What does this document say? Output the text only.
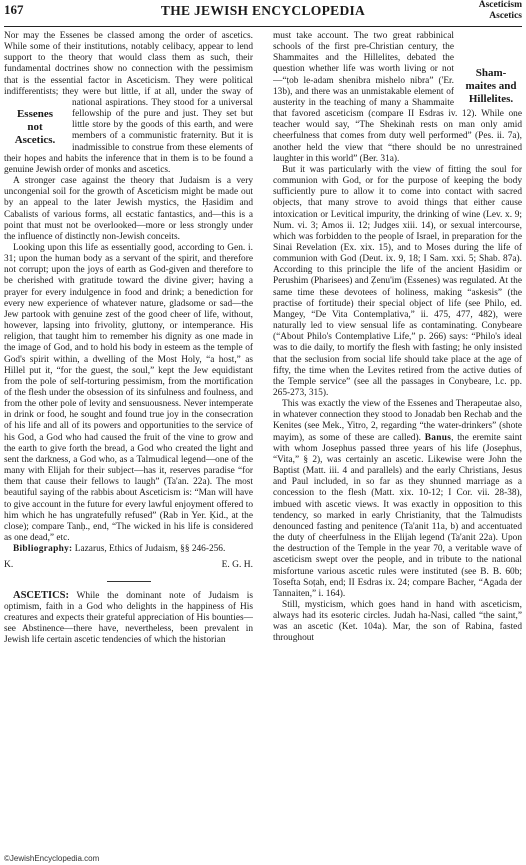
167	THE JEWISH ENCYCLOPEDIA	Asceticism
Ascetics

Nor may the Essenes be classed among the order of ascetics. While some of their institutions, notably celibacy, appear to lend support to the theory that would class them as such, their fundamental doctrines show no connection with the pessimism that is the essential factor in Asceticism. They were political indifferentists; they were but little, if at all, under the sway of national aspirations.
Essenes
not
Ascetics.
They stood for a universal fellowship of the pure and just. They set but little store by the goods of this earth, and were members of a communistic fraternity. But it is inadmissible to construe from these elements of their hopes and habits the inference that in them is to be found a genuine Jewish order of monks and ascetics.

A stronger case against the theory that Judaism is a very uncongenial soil for the growth of Asceticism might be made out by an appeal to the later Jewish mystics, the Ḥasidim and Cabalists of various forms, all ecstatic fantastics, and—this is a point that must not be overlooked—more or less strongly under the influence of distinctly non-Jewish conceits.

Looking upon this life as essentially good, according to Gen. i. 31; upon the human body as a servant of the spirit, and therefore not corrupt; upon the joys of earth as God-given and therefore to be cherished with gratitude toward the divine giver; having a prayer for every indulgence in food and drink; a benediction for every new experience of whatever nature, gladsome or sad—the Jew partook with genuine zest of the good cheer of life, without, however, lapsing into frivolity, gluttony, or intemperance. His religion, that taught him to remember his dignity as one made in the image of God, and to hold his body in esteem as the temple of God's spirit within, a dwelling of the Most Holy, “a host,” as Hillel put it, “for the guest, the soul,” kept the Jew equidistant from the pole of self-torturing pessimism, from the mortification of the flesh under the obsession of its sinfulness and foulness, and from the other pole of levity and sensuousness. Never intemperate in drink or food, he sought and found true joy in the consecration of his life and all of its powers and opportunities to the service of his God, a God who had caused the fruit of the vine to grow and the earth to give forth the bread, a God who created the light and sent the darkness, a God who, as a Talmudical legend—one of the many with Elijah for their subject—has it, reserves paradise “for them that cause their fellows to laugh” (Ta'an. 22a). The most beautiful saying of the rabbis about Asceticism is: “Man will have to give account in the future for every lawful enjoyment offered to him which he has ungratefully refused” (Rab in Yer. Ḳid., at the close); compare Tanḥ., end, “The wicked in his life is considered as one dead,” etc.

Bibliography: Lazarus, Ethics of Judaism, §§ 246-256.

K.	E. G. H.

ASCETICS: While the dominant note of Judaism is optimism, faith in a God who delights in the happiness of His creatures and expects their grateful appreciation of His bounties—see Abstinence—there have, nevertheless, been prevalent in Jewish life certain ascetic tendencies of which the historian

Sham-
maites and
Hillelites.
must take account. The two great rabbinical schools of the first pre-Christian century, the Shammaites and the Hillelites, debated the question whether life was worth living or not—“ṭob le-adam shenibra mishelo nibra” ('Er. 13b), and there was an unmistakable element of austerity in the teaching of many a Shammaite that favored asceticism (compare II Esdras iv. 12). While one teacher would say, “The Shekinah rests on man only amid cheerfulness that comes from duty well performed” (Pes. ii. 7a), another held the view that “there should be no unrestrained laughter in this world” (Ber. 31a).

But it was particularly with the view of fitting the soul for communion with God, or for the purpose of keeping the body sufficiently pure to allow it to come into contact with sacred objects, that many strove to avoid things that either cause intoxication or Levitical impurity, the drinking of wine (Lev. x. 9; Num. vi. 3; Amos ii. 12; Judges xiii. 14), or sexual intercourse, which was forbidden to the people of Israel, in preparation for the Sinai Revelation (Ex. xix. 15), and to Moses during the life of communion with God (Deut. ix. 9, 18; I Sam. xxi. 5; Shab. 87a). According to this principle the life of the ancient Ḥasidim or Perushim (Pharisees) and Ẓenu'im (Essenes) was regulated. At the same time these devotees of holiness, making “askesis” (the practise of fortitude) their special object of life (see Philo, ed. Mangey, “De Vita Contemplativa,” ii. 475, 477, 482), were naturally led to view sensual life as contaminating. Conybeare (“About Philo's Contemplative Life,” p. 266) says: “Philo's ideal was to die daily, to mortify the flesh with fasting; he only insisted that the seclusion from social life should take place at the age of fifty, the time when the Levites retired from the active duties of the Temple service” (see all the passages in Conybeare, l.c. pp. 265-273, 315).

This was exactly the view of the Essenes and Therapeutae also, in whatever connection they stood to Jonadab ben Rechab and the Kenites (see Mek., Yitro, 2, regarding “the water-drinkers” (shote mayim), as some of these are called). Banus, the eremite saint with whom Josephus passed three years of his life (Josephus, “Vita,” § 2), was certainly an ascetic. Likewise were John the Baptist (Matt. iii. 4 and parallels) and the early Christians, Jesus and Paul included, in so far as they shunned marriage as a concession to the flesh (Matt. xix. 10-12; I Cor. vii. 28-38), imbued with ascetic views. It was exactly in opposition to this tendency, so marked in early Christianity, that the Talmudists denounced fasting and penitence (Ta'anit 11a, b) and accentuated the duty of cheerfulness in the Elijah legend (Ta'anit 22a). Upon the destruction of the Temple in the year 70, a veritable wave of asceticism swept over the people, and in tribute to the national misfortune various ascetic rules were instituted (see B. B. 60b; Tosefta Soṭah, end; II Esdras ix. 24; compare Bacher, “Agada der Tannaiten,” i. 164).

Still, mysticism, which goes hand in hand with asceticism, always had its esoteric circles. Judah ha-Nasi, called “the saint,” was an ascetic (Ket. 104a). Mar, the son of Rabina, fasted throughout

©JewishEncyclopedia.com
